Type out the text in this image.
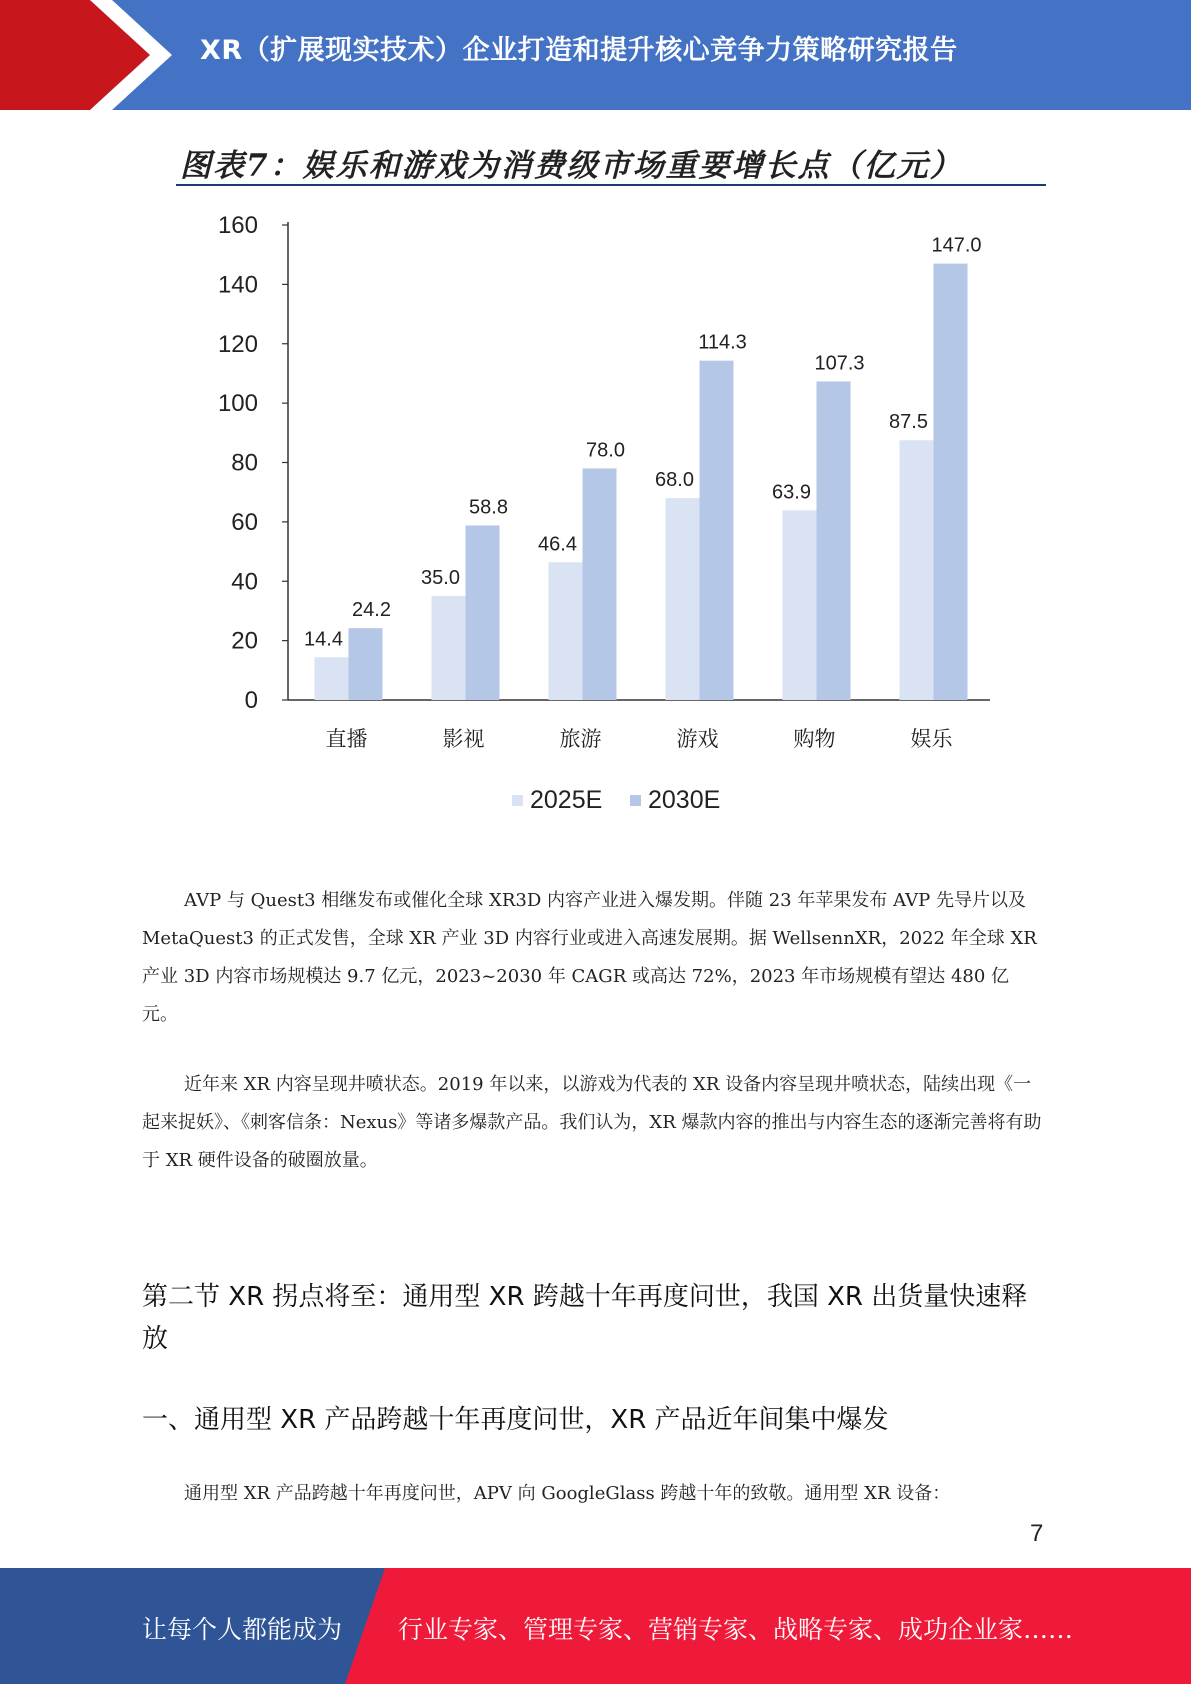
XR（扩展现实技术）企业打造和提升核心竞争力策略研究报告
图表7：娱乐和游戏为消费级市场重要增长点（亿元）
0
20
40
60
80
100
120
140
160
14.4
24.2
直播
35.0
58.8
影视
46.4
78.0
旅游
68.0
114.3
游戏
63.9
107.3
购物
87.5
147.0
娱乐
2025E 2030E
AVP 与 Quest3 相继发布或催化全球 XR3D 内容产业进入爆发期。伴随 23 年苹果发布 AVP 先导片以及 MetaQuest3 的正式发售，全球 XR 产业 3D 内容行业或进入高速发展期。据 WellsennXR，2022 年全球 XR 产业 3D 内容市场规模达 9.7 亿元，2023~2030 年 CAGR 或高达 72%，2023 年市场规模有望达 480 亿元。
近年来 XR 内容呈现井喷状态。2019 年以来，以游戏为代表的 XR 设备内容呈现井喷状态，陆续出现《一起来捉妖》、《刺客信条：Nexus》等诸多爆款产品。我们认为，XR 爆款内容的推出与内容生态的逐渐完善将有助于 XR 硬件设备的破圈放量。
第二节 XR 拐点将至：通用型 XR 跨越十年再度问世，我国 XR 出货量快速释放
一、通用型 XR 产品跨越十年再度问世，XR 产品近年间集中爆发
通用型 XR 产品跨越十年再度问世，APV 向 GoogleGlass 跨越十年的致敬。通用型 XR 设备：
7
让每个人都能成为 行业专家、管理专家、营销专家、战略专家、成功企业家……
